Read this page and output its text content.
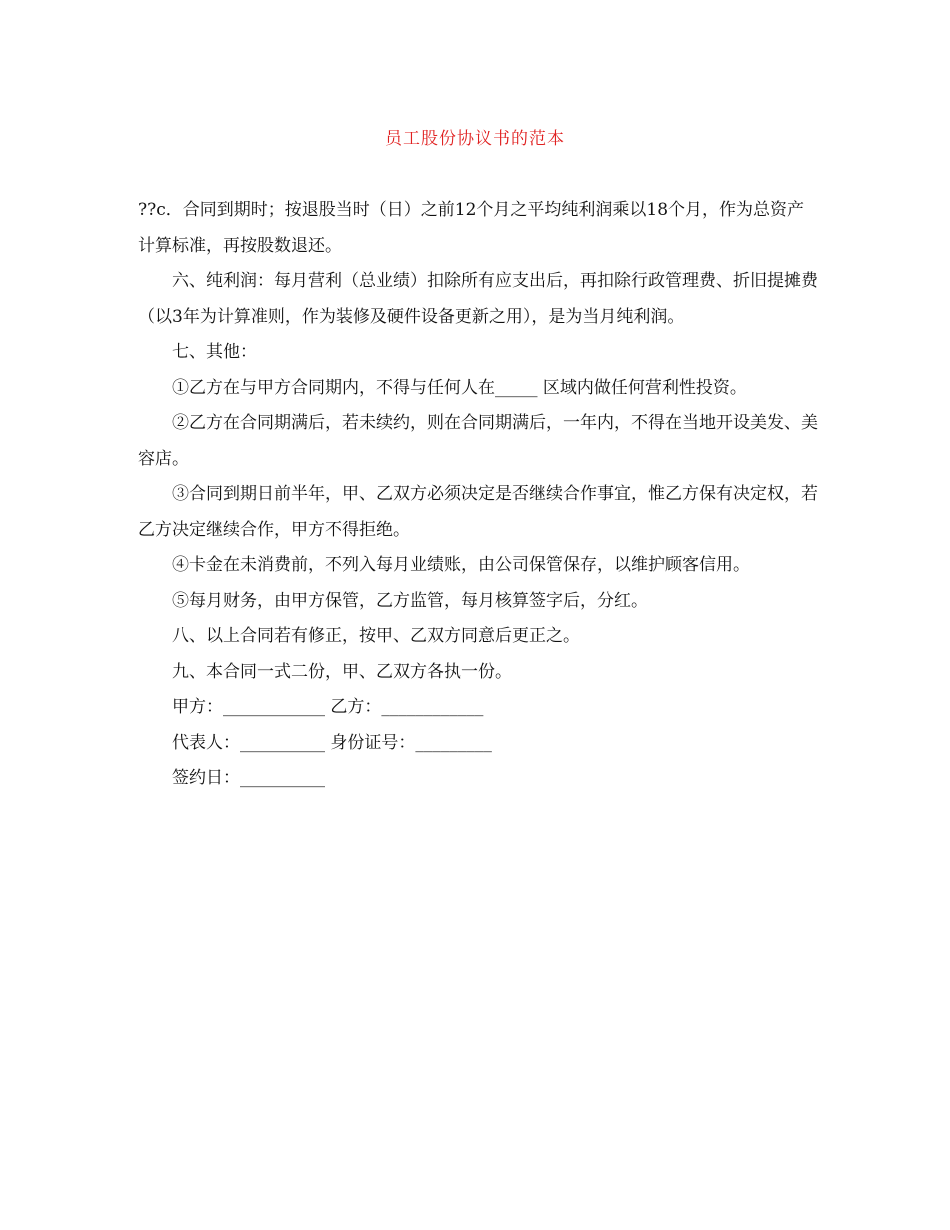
员工股份协议书的范本

??c．合同到期时；按退股当时（日）之前12个月之平均纯利润乘以18个月，作为总资产计算标准，再按股数退还。

六、纯利润：每月营利（总业绩）扣除所有应支出后，再扣除行政管理费、折旧提摊费（以3年为计算准则，作为装修及硬件设备更新之用），是为当月纯利润。

七、其他：

①乙方在与甲方合同期内，不得与任何人在_____ 区域内做任何营利性投资。

②乙方在合同期满后，若未续约，则在合同期满后，一年内，不得在当地开设美发、美容店。

③合同到期日前半年，甲、乙双方必须决定是否继续合作事宜，惟乙方保有决定权，若乙方决定继续合作，甲方不得拒绝。

④卡金在未消费前，不列入每月业绩账，由公司保管保存，以维护顾客信用。

⑤每月财务，由甲方保管，乙方监管，每月核算签字后，分红。

八、以上合同若有修正，按甲、乙双方同意后更正之。

九、本合同一式二份，甲、乙双方各执一份。

甲方：____________ 乙方：____________

代表人：__________ 身份证号：_________

签约日：__________
